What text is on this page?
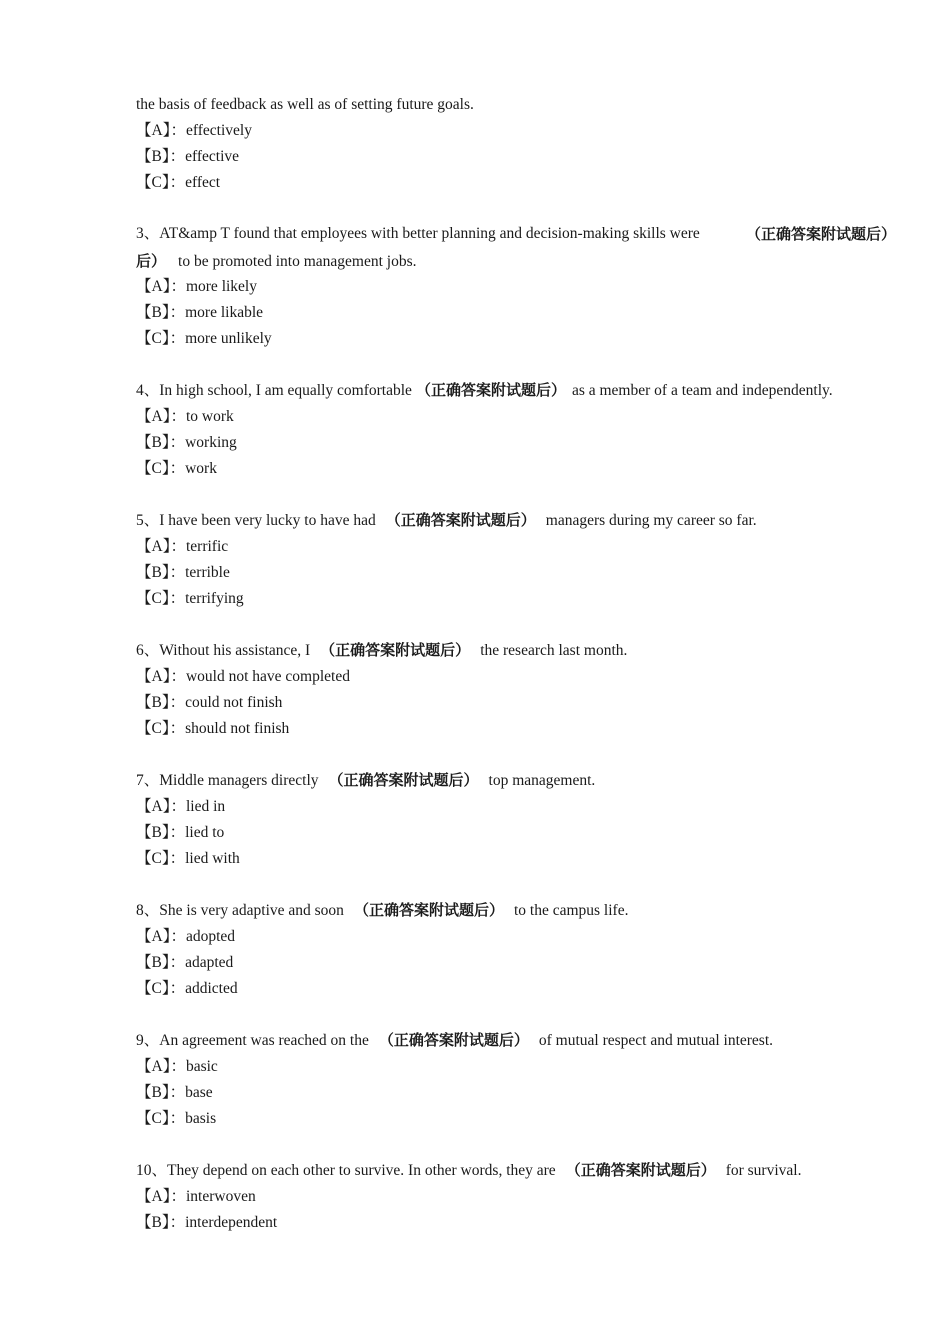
the basis of feedback as well as of setting future goals.
【A】：effectively
【B】：effective
【C】：effect
3、AT&amp T found that employees with better planning and decision-making skills were	（正确答案附试题后）
后） to be promoted into management jobs.
【A】：more likely
【B】：more likable
【C】：more unlikely
4、In high school, I am equally comfortable （正确答案附试题后） as a member of a team and independently.
【A】：to work
【B】：working
【C】：work
5、I have been very lucky to have had （正确答案附试题后） managers during my career so far.
【A】：terrific
【B】：terrible
【C】：terrifying
6、Without his assistance, I （正确答案附试题后） the research last month.
【A】：would not have completed
【B】：could not finish
【C】：should not finish
7、Middle managers directly （正确答案附试题后） top management.
【A】：lied in
【B】：lied to
【C】：lied with
8、She is very adaptive and soon （正确答案附试题后） to the campus life.
【A】：adopted
【B】：adapted
【C】：addicted
9、An agreement was reached on the （正确答案附试题后） of mutual respect and mutual interest.
【A】：basic
【B】：base
【C】：basis
10、They depend on each other to survive. In other words, they are （正确答案附试题后） for survival.
【A】：interwoven
【B】：interdependent
